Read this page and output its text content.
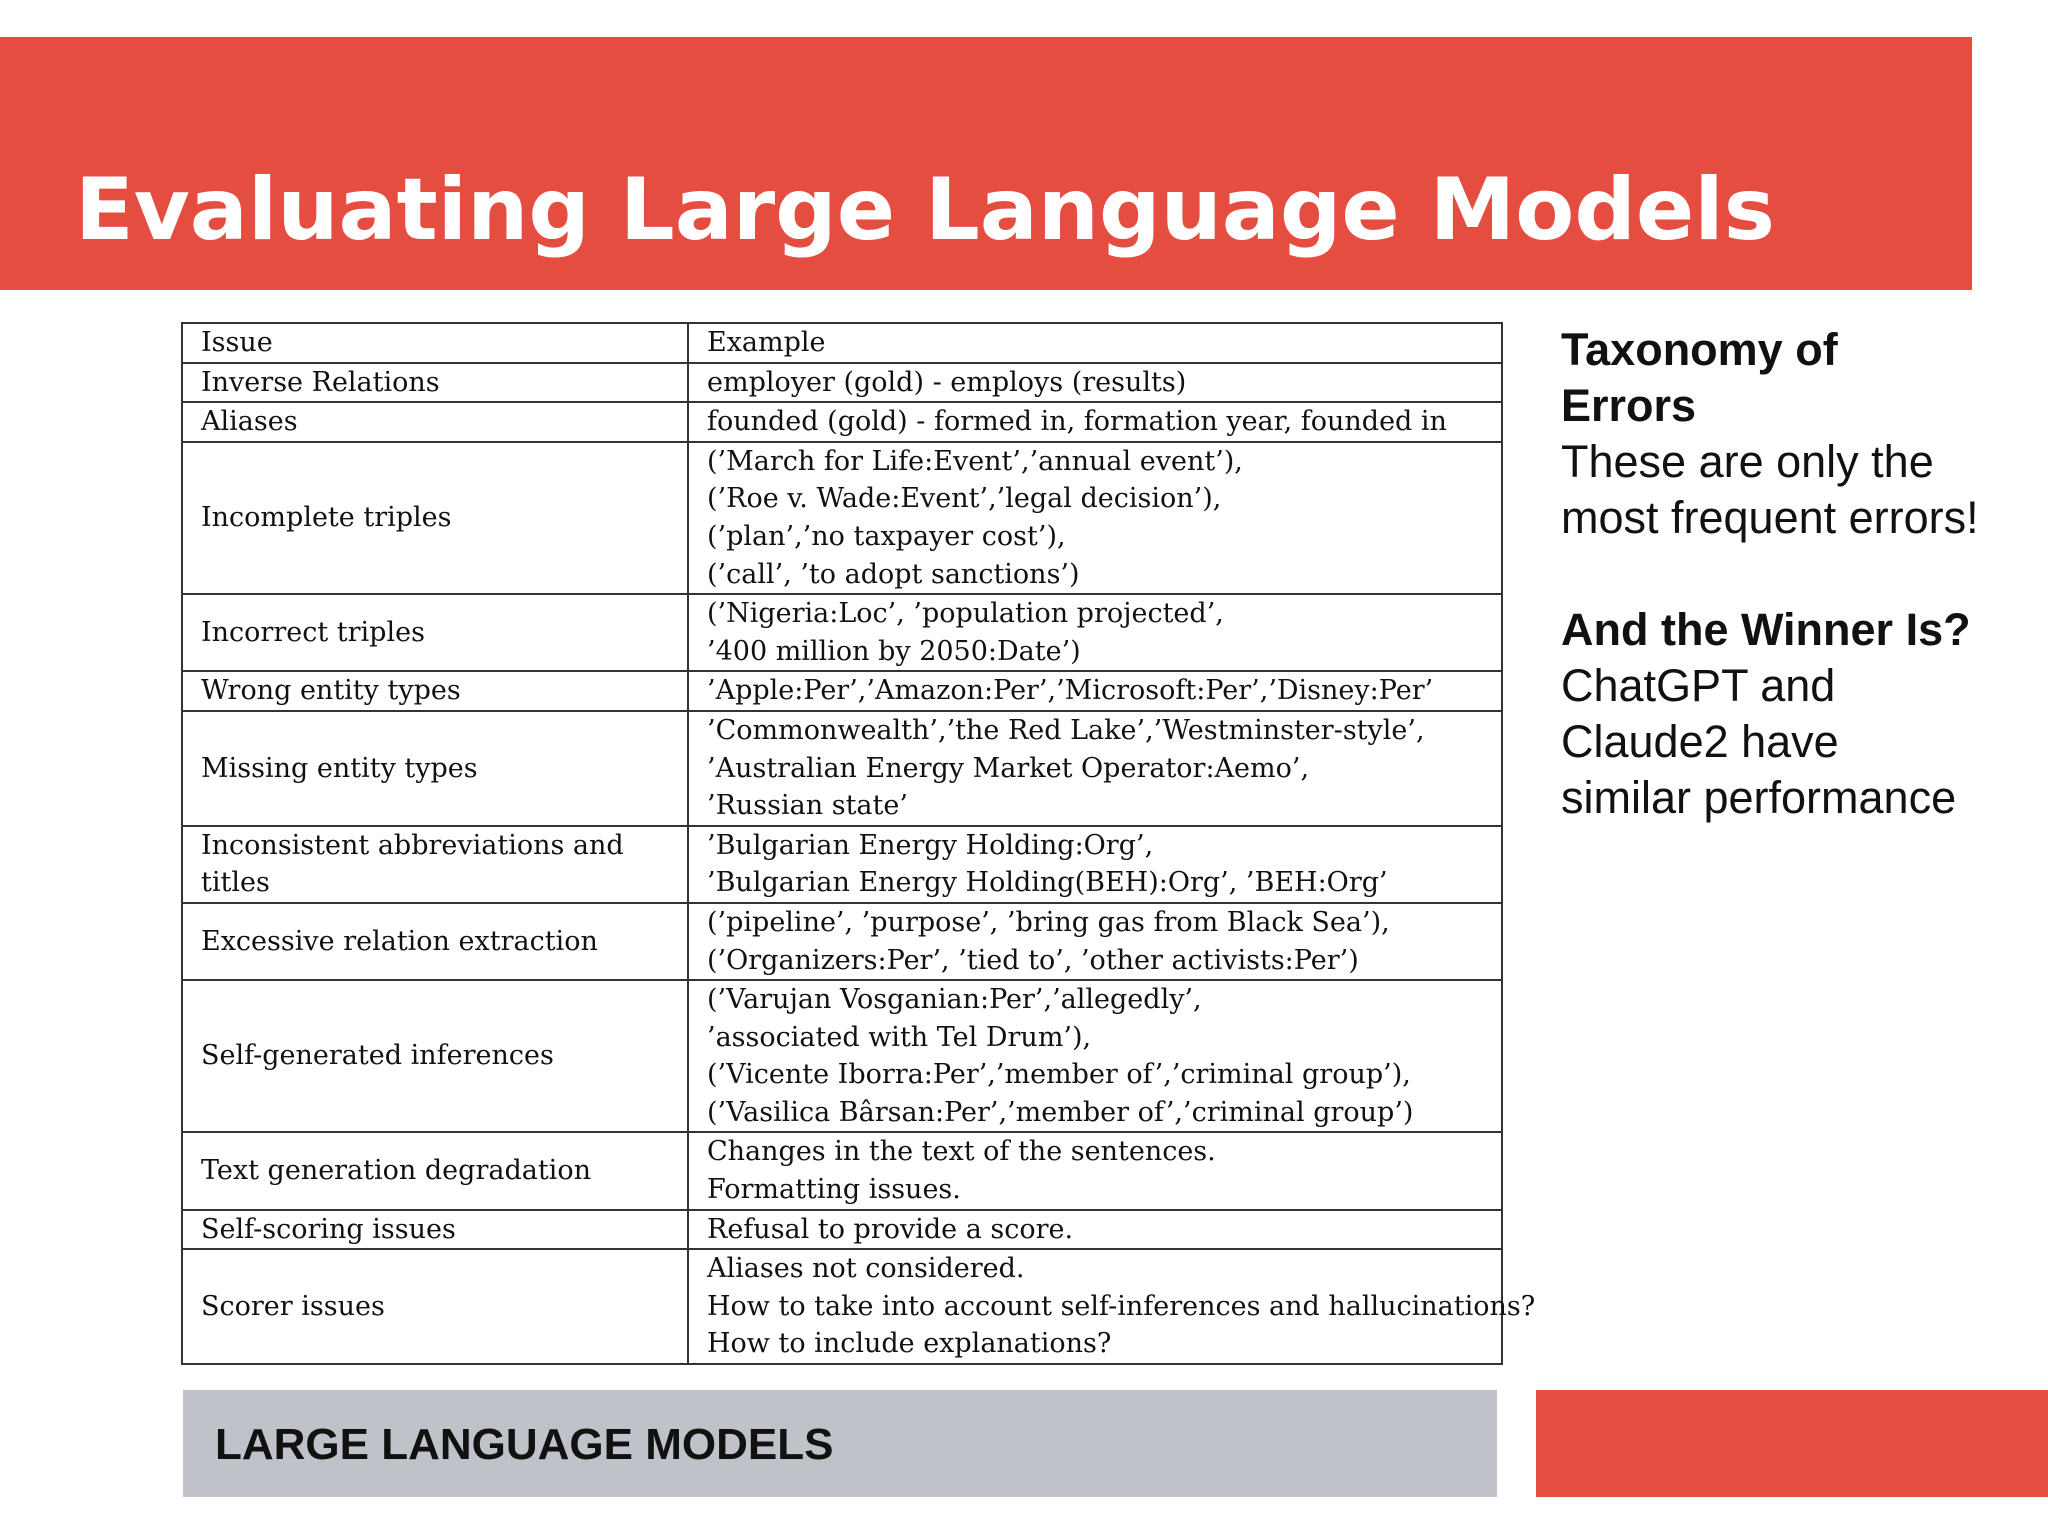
Evaluating Large Language Models
Issue	Example
Inverse Relations	employer (gold) - employs (results)

Aliases	founded (gold) - formed in, formation year, founded in

Incomplete triples	(’March for Life:Event’,’annual event’),
(’Roe v. Wade:Event’,’legal decision’),
(’plan’,’no taxpayer cost’),
(’call’, ’to adopt sanctions’)

Incorrect triples	(’Nigeria:Loc’, ’population projected’,
’400 million by 2050:Date’)

Wrong entity types	’Apple:Per’,’Amazon:Per’,’Microsoft:Per’,’Disney:Per’

Missing entity types	’Commonwealth’,’the Red Lake’,’Westminster-style’,
’Australian Energy Market Operator:Aemo’,
’Russian state’

Inconsistent abbreviations and titles	’Bulgarian Energy Holding:Org’,
’Bulgarian Energy Holding(BEH):Org’, ’BEH:Org’

Excessive relation extraction	(’pipeline’, ’purpose’, ’bring gas from Black Sea’),
(’Organizers:Per’, ’tied to’, ’other activists:Per’)

Self-generated inferences	(’Varujan Vosganian:Per’,’allegedly’,
’associated with Tel Drum’),
(’Vicente Iborra:Per’,’member of’,’criminal group’),
(’Vasilica Bârsan:Per’,’member of’,’criminal group’)

Text generation degradation	Changes in the text of the sentences.
Formatting issues.

Self-scoring issues	Refusal to provide a score.

Scorer issues	Aliases not considered.
How to take into account self-inferences and hallucinations?
How to include explanations?
Taxonomy of Errors
These are only the most frequent errors!
And the Winner Is?
ChatGPT and Claude2 have similar performance
LARGE LANGUAGE MODELS
